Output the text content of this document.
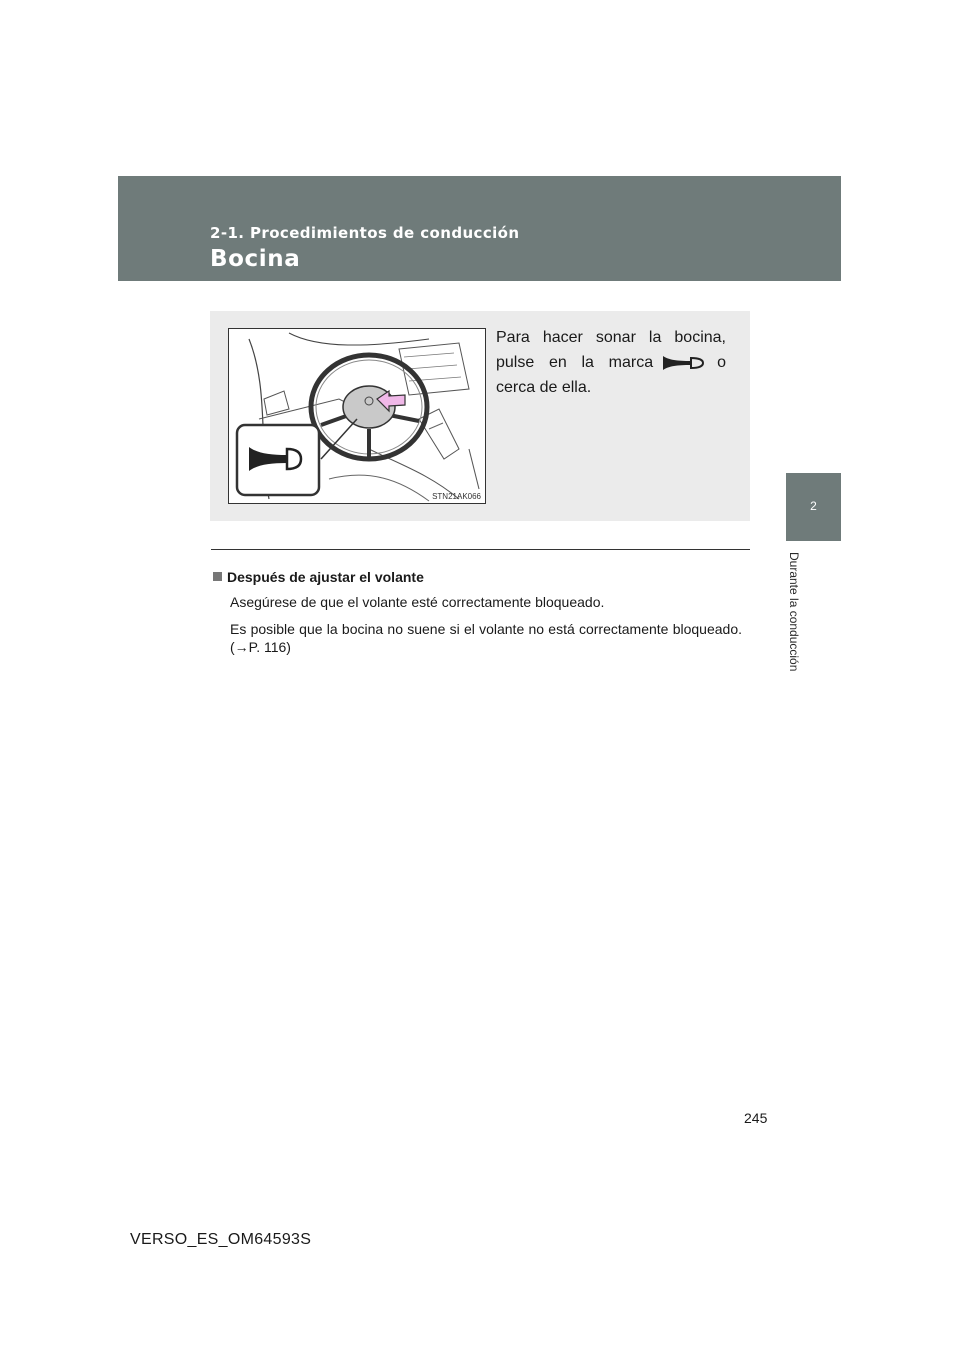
2-1. Procedimientos de conducción
Bocina
2
Durante la conducción
STN21AK066

Para hacer sonar la bocina, pulse en la marca	o cerca de ella.

Después de ajustar el volante

Asegúrese de que el volante esté correctamente bloqueado.

Es posible que la bocina no suene si el volante no está correctamente bloqueado. (→P. 116)

245
VERSO_ES_OM64593S
